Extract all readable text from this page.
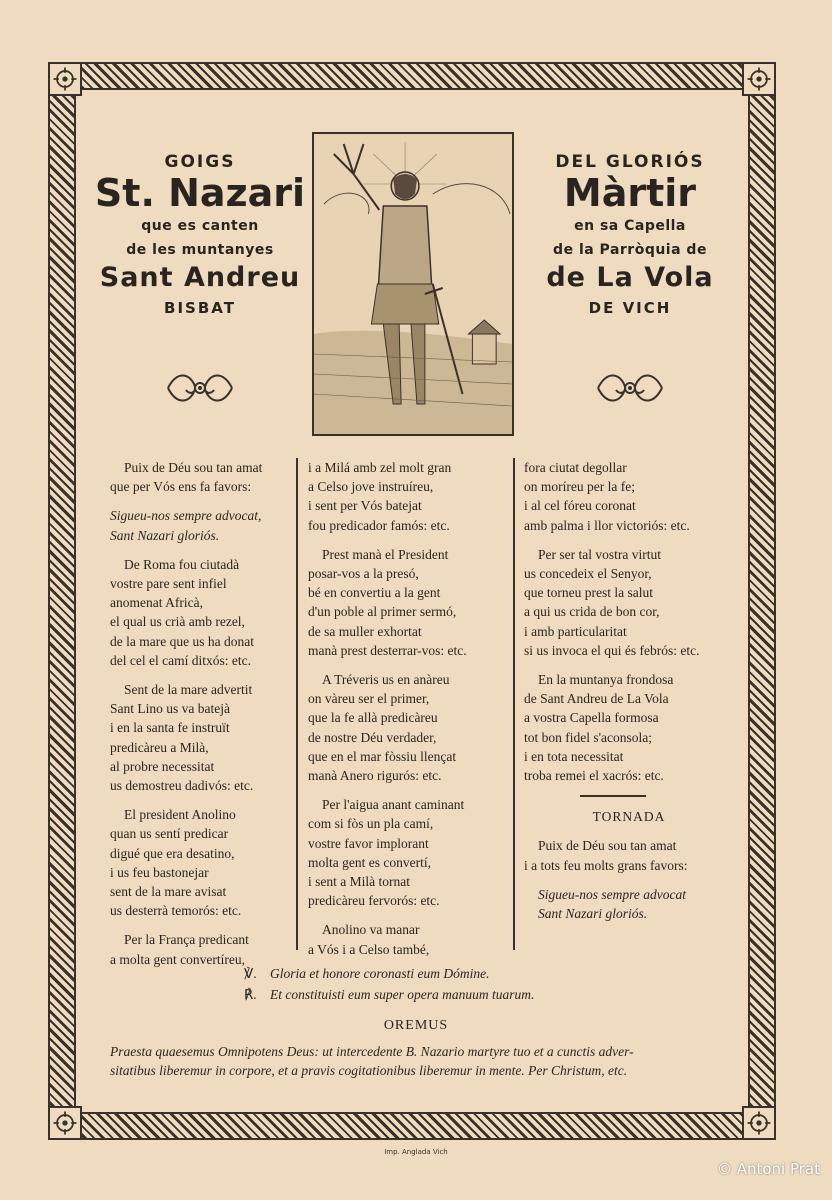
GOIGS
St. Nazari
que es canten
de les muntanyes
Sant Andreu
BISBAT
DEL GLORIÓS
Màrtir
en sa Capella
de la Parròquia de
de La Vola
DE VICH

Puix de Déu sou tan amat
que per Vós ens fa favors:

Sigueu-nos sempre advocat,
Sant Nazari gloriós.

De Roma fou ciutadà
vostre pare sent infiel
anomenat Africà,
el qual us crià amb rezel,
de la mare que us ha donat
del cel el camí ditxós: etc.

Sent de la mare advertit
Sant Lino us va batejà
i en la santa fe instruït
predicàreu a Milà,
al probre necessitat
us demostreu dadivós: etc.

El president Anolino
quan us sentí predicar
digué que era desatino,
i us feu bastonejar
sent de la mare avisat
us desterrà temorós: etc.

Per la França predicant
a molta gent convertíreu,

i a Milá amb zel molt gran
a Celso jove instruíreu,
i sent per Vós batejat
fou predicador famós: etc.

Prest manà el President
posar-vos a la presó,
bé en convertiu a la gent
d'un poble al primer sermó,
de sa muller exhortat
manà prest desterrar-vos: etc.

A Tréveris us en anàreu
on vàreu ser el primer,
que la fe allà predicàreu
de nostre Déu verdader,
que en el mar fòssiu llençat
manà Anero rigurós: etc.

Per l'aigua anant caminant
com si fòs un pla camí,
vostre favor implorant
molta gent es convertí,
i sent a Milà tornat
predicàreu fervorós: etc.

Anolino va manar
a Vós i a Celso també,

fora ciutat degollar
on moríreu per la fe;
i al cel fóreu coronat
amb palma i llor victoriós: etc.

Per ser tal vostra virtut
us concedeix el Senyor,
que torneu prest la salut
a qui us crida de bon cor,
i amb particularitat
si us invoca el qui és febrós: etc.

En la muntanya frondosa
de Sant Andreu de La Vola
a vostra Capella formosa
tot bon fidel s'aconsola;
i en tota necessitat
troba remei el xacrós: etc.

TORNADA

Puix de Déu sou tan amat
i a tots feu molts grans favors:

Sigueu-nos sempre advocat
Sant Nazari gloriós.

℣. Gloria et honore coronasti eum Dómine.
℟. Et constituisti eum super opera manuum tuarum.
OREMUS
Praesta quaesemus Omnipotens Deus: ut intercedente B. Nazario martyre tuo et a cunctis adver-
sitatibus liberemur in corpore, et a pravis cogitationibus liberemur in mente. Per Christum, etc.
Imp. Anglada Vich
© Antoni Prat
